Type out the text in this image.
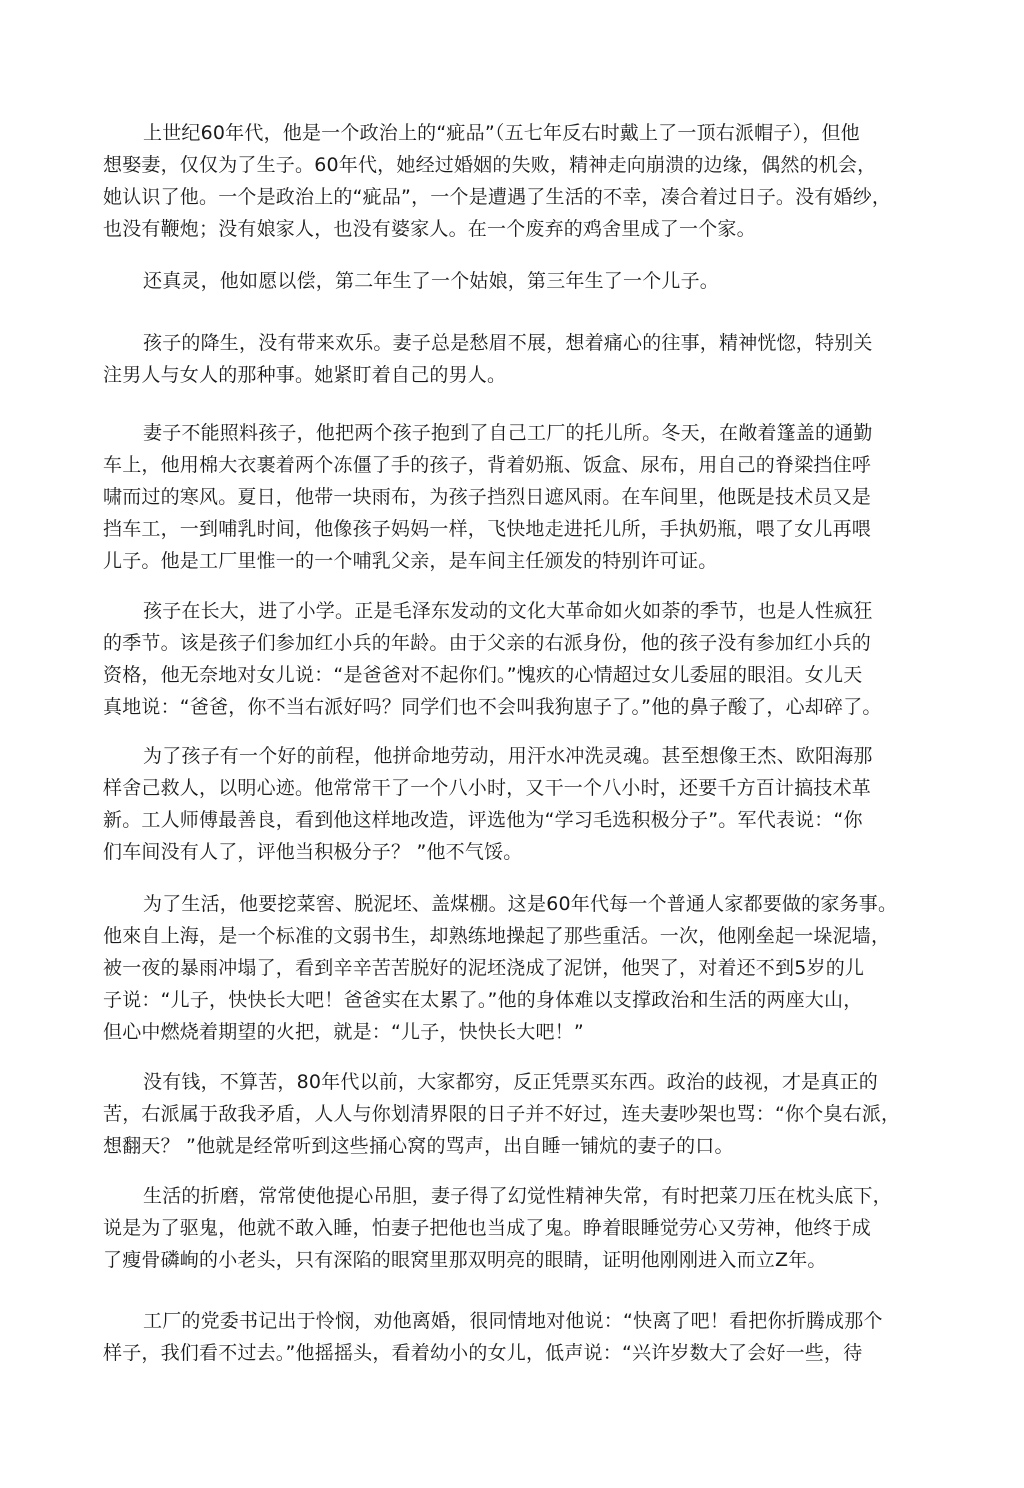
上世纪60年代，他是一个政治上的“疵品”（五七年反右时戴上了一顶右派帽子），但他
想娶妻，仅仅为了生子。60年代，她经过婚姻的失败，精神走向崩溃的边缘，偶然的机会，
她认识了他。一个是政治上的“疵品”，一个是遭遇了生活的不幸，凑合着过日子。没有婚纱，
也没有鞭炮；没有娘家人，也没有婆家人。在一个废弃的鸡舍里成了一个家。
还真灵，他如愿以偿，第二年生了一个姑娘，第三年生了一个儿子。
孩子的降生，没有带来欢乐。妻子总是愁眉不展，想着痛心的往事，精神恍惚，特别关
注男人与女人的那种事。她紧盯着自己的男人。
妻子不能照料孩子，他把两个孩子抱到了自己工厂的托儿所。冬天，在敞着篷盖的通勤
车上，他用棉大衣裹着两个冻僵了手的孩子，背着奶瓶、饭盒、尿布，用自己的脊梁挡住呼
啸而过的寒风。夏日，他带一块雨布，为孩子挡烈日遮风雨。在车间里，他既是技术员又是
挡车工，一到哺乳时间，他像孩子妈妈一样，飞快地走进托儿所，手执奶瓶，喂了女儿再喂
儿子。他是工厂里惟一的一个哺乳父亲，是车间主任颁发的特别许可证。
孩子在长大，进了小学。正是毛泽东发动的文化大革命如火如荼的季节，也是人性疯狂
的季节。该是孩子们参加红小兵的年龄。由于父亲的右派身份，他的孩子没有参加红小兵的
资格，他无奈地对女儿说：“是爸爸对不起你们。”愧疚的心情超过女儿委屈的眼泪。女儿天
真地说：“爸爸，你不当右派好吗？同学们也不会叫我狗崽子了。”他的鼻子酸了，心却碎了。
为了孩子有一个好的前程，他拼命地劳动，用汗水冲洗灵魂。甚至想像王杰、欧阳海那
样舍己救人，以明心迹。他常常干了一个八小时，又干一个八小时，还要千方百计搞技术革
新。工人师傅最善良，看到他这样地改造，评选他为“学习毛选积极分子”。军代表说：“你
们车间没有人了，评他当积极分子？ ”他不气馁。
为了生活，他要挖菜窖、脱泥坯、盖煤棚。这是60年代每一个普通人家都要做的家务事。
他來自上海，是一个标准的文弱书生，却熟练地操起了那些重活。一次，他刚垒起一垛泥墙，
被一夜的暴雨冲塌了，看到辛辛苦苦脱好的泥坯浇成了泥饼，他哭了，对着还不到5岁的儿
子说：“儿子，快快长大吧！爸爸实在太累了。”他的身体难以支撑政治和生活的两座大山，
但心中燃烧着期望的火把，就是：“儿子，快快长大吧！”
没有钱，不算苦，80年代以前，大家都穷，反正凭票买东西。政治的歧视，才是真正的
苦，右派属于敌我矛盾，人人与你划清界限的日子并不好过，连夫妻吵架也骂：“你个臭右派，
想翻天？ ”他就是经常听到这些捅心窝的骂声，出自睡一铺炕的妻子的口。
生活的折磨，常常使他提心吊胆，妻子得了幻觉性精神失常，有时把菜刀压在枕头底下，
说是为了驱鬼，他就不敢入睡，怕妻子把他也当成了鬼。睁着眼睡觉劳心又劳神，他终于成
了瘦骨磷峋的小老头，只有深陷的眼窝里那双明亮的眼睛，证明他刚刚进入而立Z年。
工厂的党委书记出于怜悯，劝他离婚，很同情地对他说：“快离了吧！看把你折腾成那个
样子，我们看不过去。”他摇摇头，看着幼小的女儿，低声说：“兴许岁数大了会好一些，待
